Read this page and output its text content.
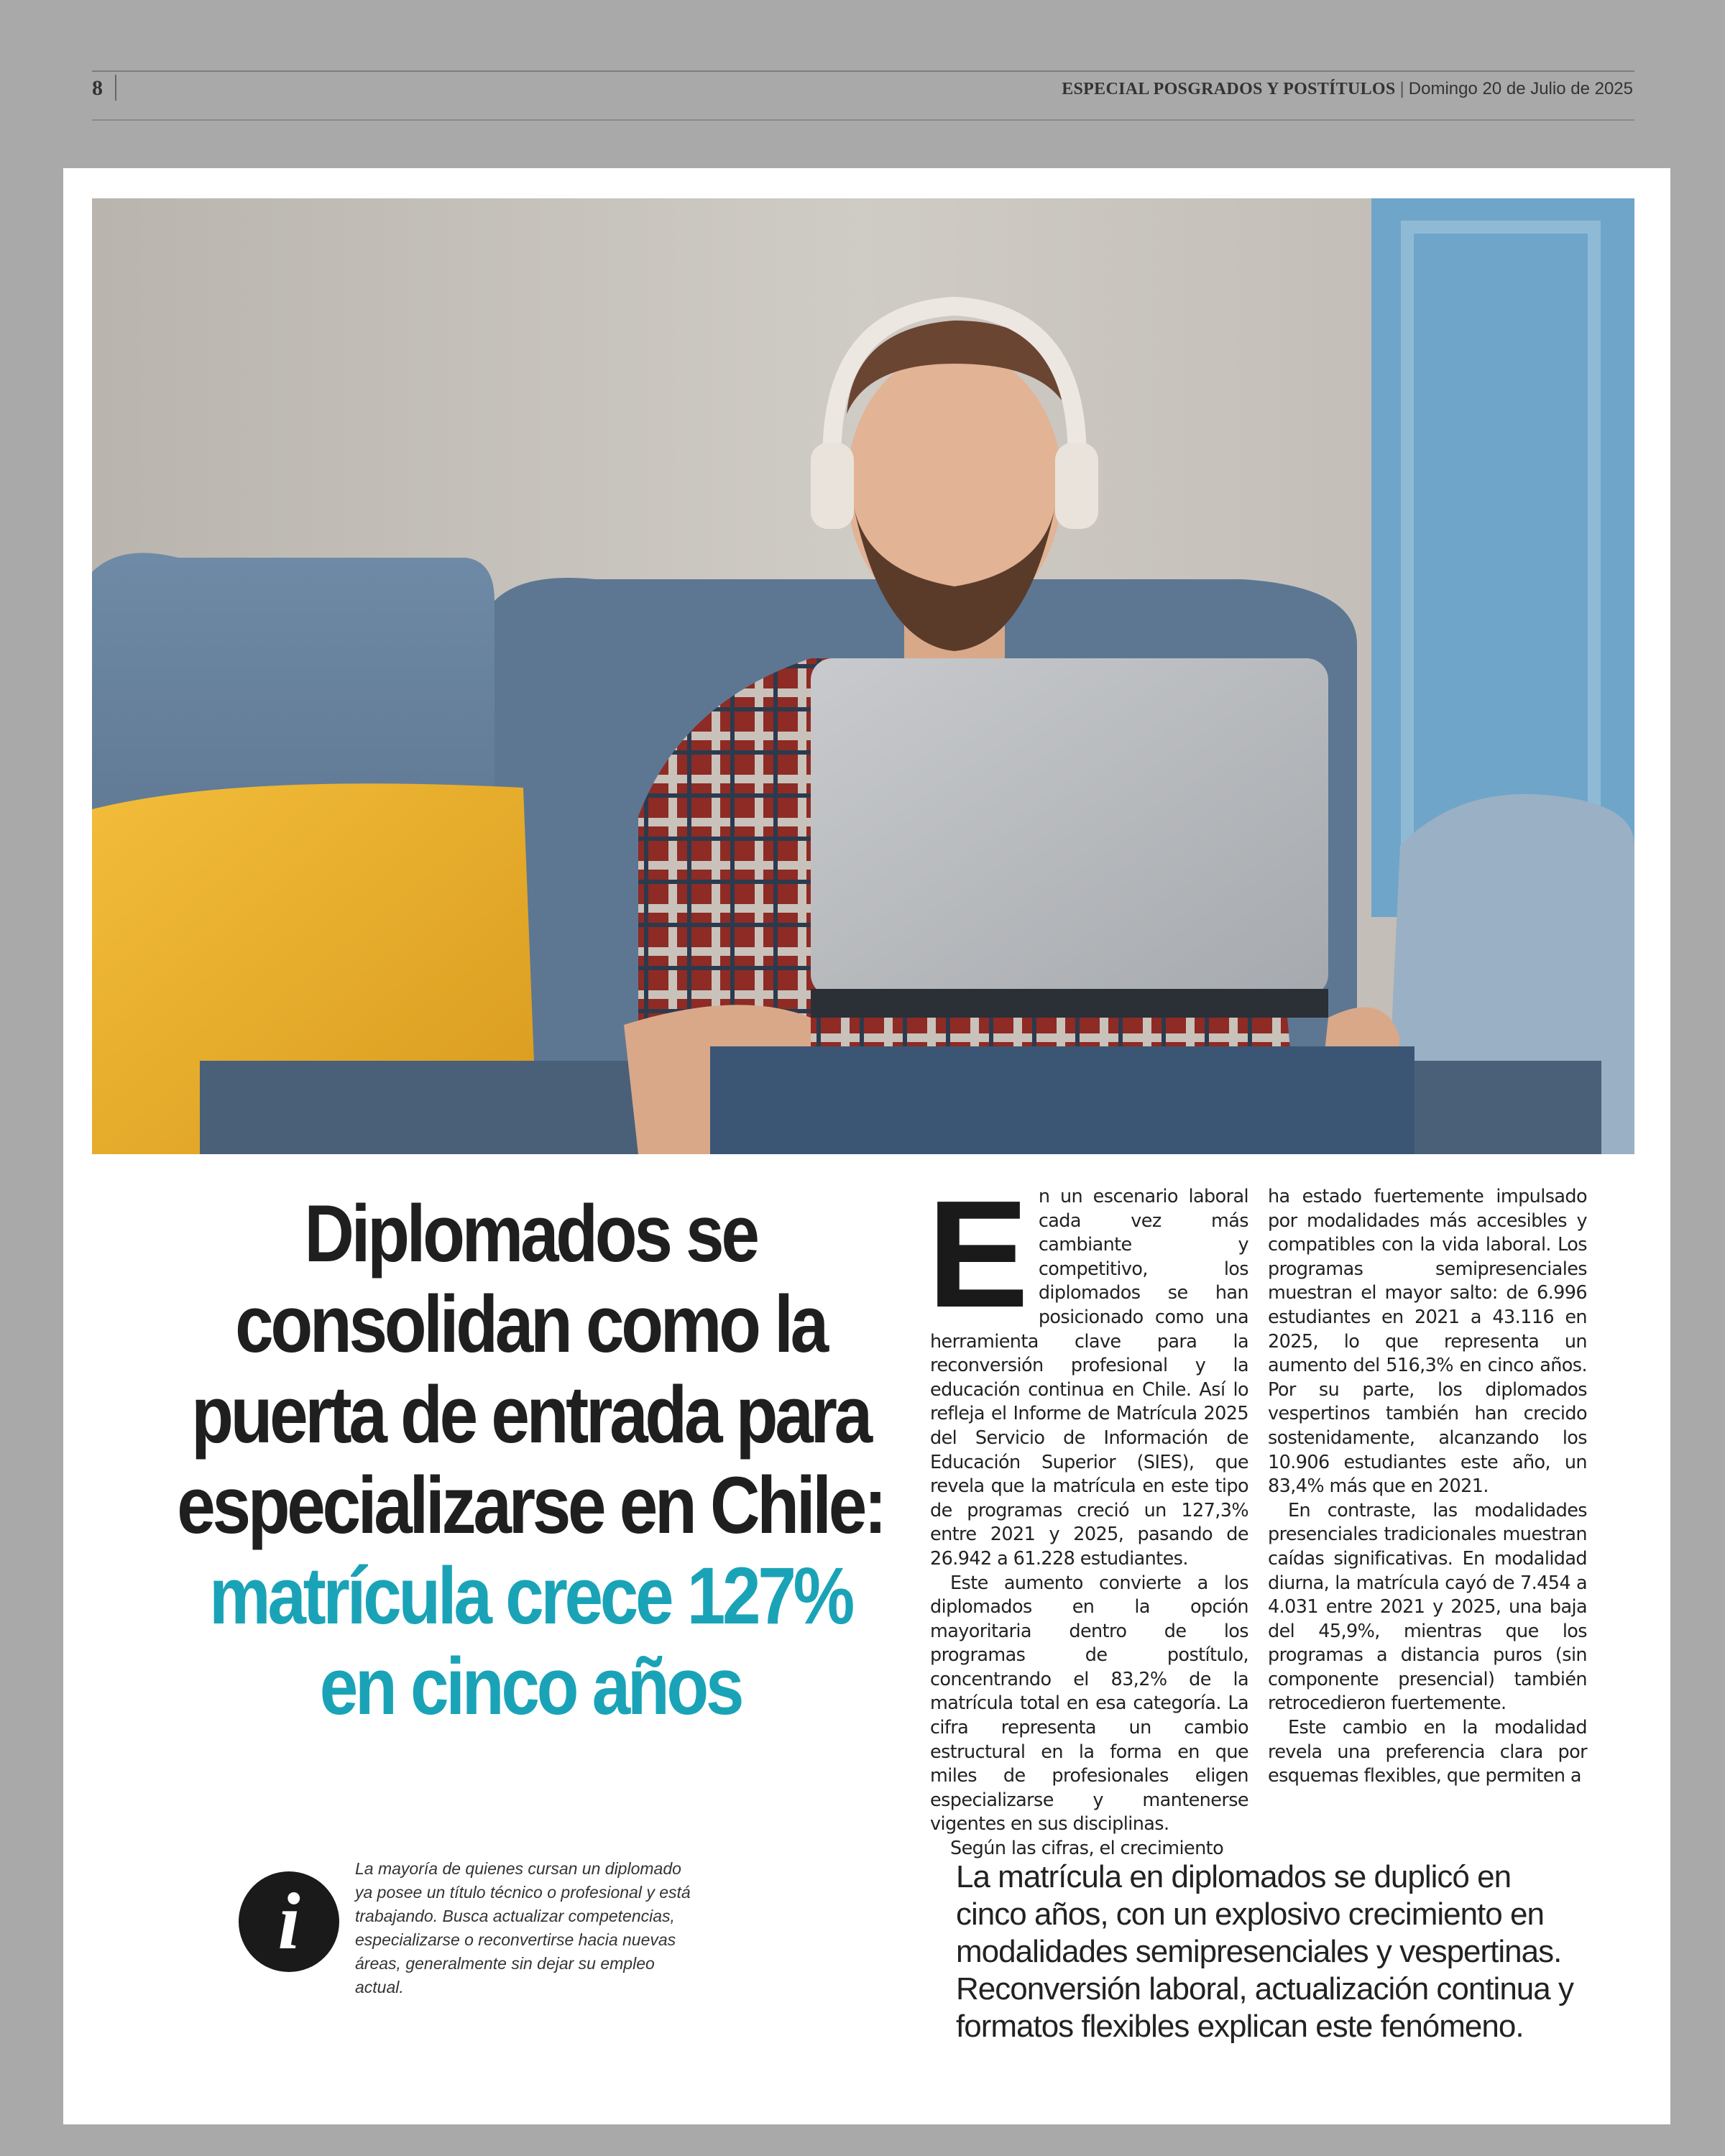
8	ESPECIAL POSGRADOS Y POSTÍTULOS | Domingo 20 de Julio de 2025
Diplomados se
consolidan como la
puerta de entrada para
especializarse en Chile:
matrícula crece 127%
en cinco años

En un escenario laboral cada vez más cambiante y competitivo, los diplomados se han posicionado como una herramienta clave para la reconversión profesional y la educación continua en Chile. Así lo refleja el Informe de Matrícula 2025 del Servicio de Información de Educación Superior (SIES), que revela que la matrícula en este tipo de programas creció un 127,3% entre 2021 y 2025, pasando de 26.942 a 61.228 estudiantes.

Este aumento convierte a los diplomados en la opción mayoritaria dentro de los programas de postítulo, concentrando el 83,2% de la matrícula total en esa categoría. La cifra representa un cambio estructural en la forma en que miles de profesionales eligen especializarse y mantenerse vigentes en sus disciplinas.

Según las cifras, el crecimiento

ha estado fuertemente impulsado por modalidades más accesibles y compatibles con la vida laboral. Los programas semipresenciales muestran el mayor salto: de 6.996 estudiantes en 2021 a 43.116 en 2025, lo que representa un aumento del 516,3% en cinco años. Por su parte, los diplomados vespertinos también han crecido sostenidamente, alcanzando los 10.906 estudiantes este año, un 83,4% más que en 2021.

En contraste, las modalidades presenciales tradicionales muestran caídas significativas. En modalidad diurna, la matrícula cayó de 7.454 a 4.031 entre 2021 y 2025, una baja del 45,9%, mientras que los programas a distancia puros (sin componente presencial) también retrocedieron fuertemente.

Este cambio en la modalidad revela una preferencia clara por esquemas flexibles, que permiten a

i
La mayoría de quienes cursan un diplomado ya posee un título técnico o profesional y está trabajando. Busca actualizar competencias, especializarse o reconvertirse hacia nuevas áreas, generalmente sin dejar su empleo actual.
La matrícula en diplomados se duplicó en cinco años, con un explosivo crecimiento en modalidades semipresenciales y vespertinas. Reconversión laboral, actualización continua y formatos flexibles explican este fenómeno.
